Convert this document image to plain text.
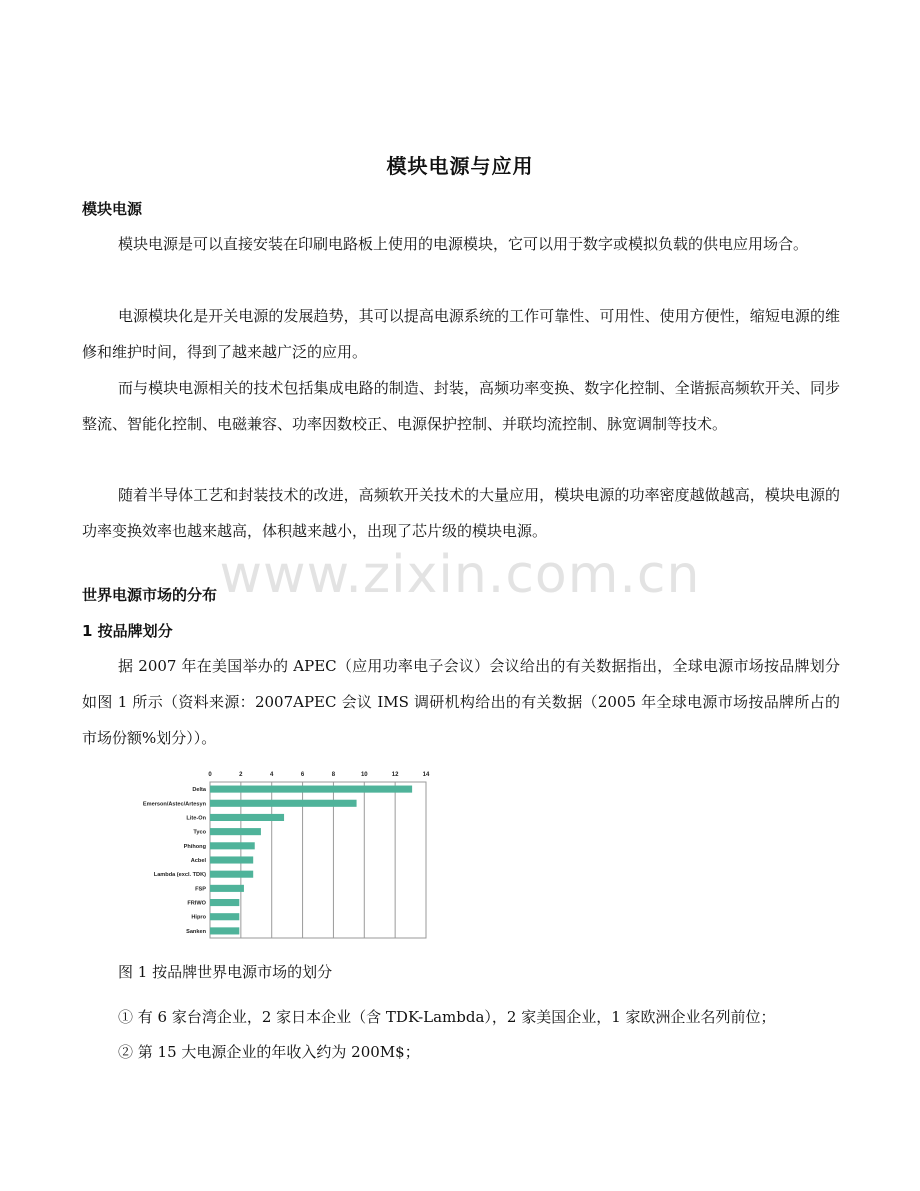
www.zixin.com.cn
模块电源与应用
模块电源
模块电源是可以直接安装在印刷电路板上使用的电源模块，它可以用于数字或模拟负载的供电应用场合。
电源模块化是开关电源的发展趋势，其可以提高电源系统的工作可靠性、可用性、使用方便性，缩短电源的维修和维护时间，得到了越来越广泛的应用。
而与模块电源相关的技术包括集成电路的制造、封装，高频功率变换、数字化控制、全谐振高频软开关、同步整流、智能化控制、电磁兼容、功率因数校正、电源保护控制、并联均流控制、脉宽调制等技术。
随着半导体工艺和封装技术的改进，高频软开关技术的大量应用，模块电源的功率密度越做越高，模块电源的功率变换效率也越来越高，体积越来越小，出现了芯片级的模块电源。
世界电源市场的分布
1 按品牌划分
据 2007 年在美国举办的 APEC（应用功率电子会议）会议给出的有关数据指出，全球电源市场按品牌划分如图 1 所示（资料来源：2007APEC 会议 IMS 调研机构给出的有关数据（2005 年全球电源市场按品牌所占的市场份额%划分））。
0	2	4	6	8	10	12	14
Delta
Emerson/Astec/Artesyn
Lite-On
Tyco
Phihong
Acbel
Lambda (excl. TDK)
FSP
FRIWO
Hipro
Sanken
图 1 按品牌世界电源市场的划分
① 有 6 家台湾企业，2 家日本企业（含 TDK-Lambda），2 家美国企业，1 家欧洲企业名列前位；
② 第 15 大电源企业的年收入约为 200M$；
